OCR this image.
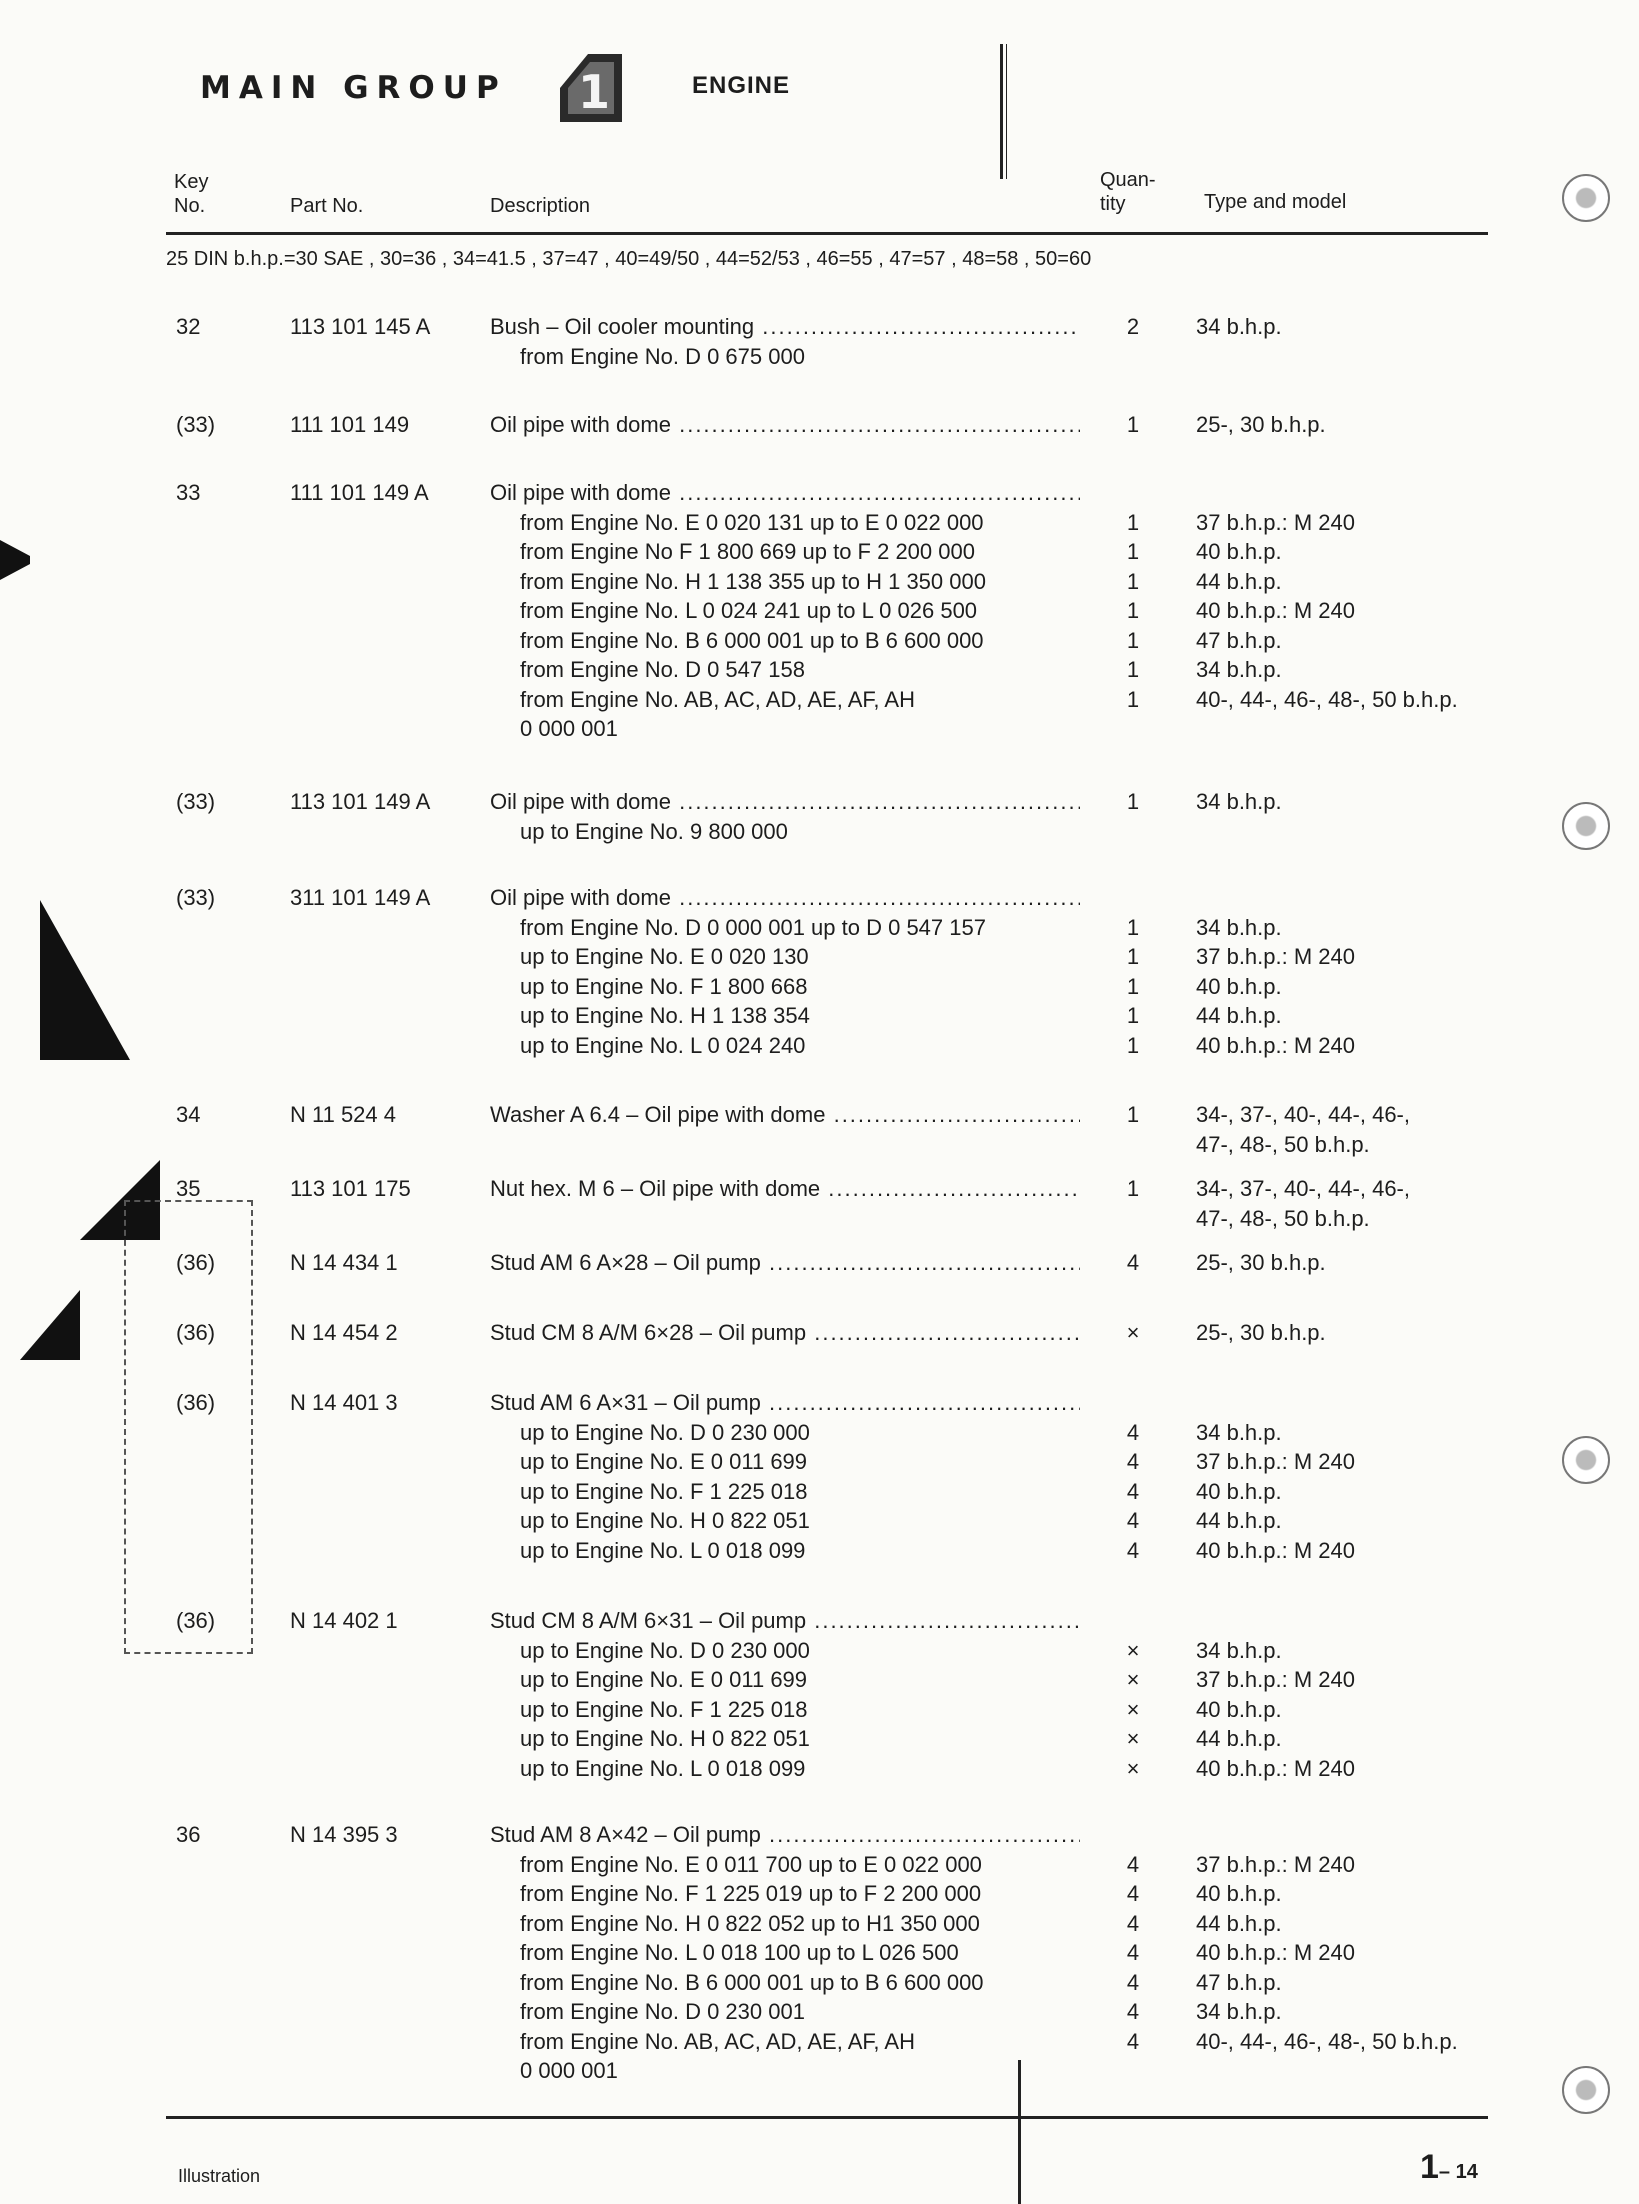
MAIN GROUP 1	ENGINE
Key
No.	Part No.	Description
Quan-
tity	Type and model
25 DIN b.h.p.=30 SAE , 30=36 , 34=41.5 , 37=47 , 40=49/50 , 44=52/53 , 46=55 , 47=57 , 48=58 , 50=60
32	113 101 145 A	Bush – Oil cooler mounting .....	2	34 b.h.p.
from Engine No. D 0 675 000
(33)	111 101 149	Oil pipe with dome .....	1	25-, 30 b.h.p.
33	111 101 149 A	Oil pipe with dome .....
from Engine No. E 0 020 131 up to E 0 022 000	1	37 b.h.p.: M 240
from Engine No F 1 800 669 up to F 2 200 000	1	40 b.h.p.
from Engine No. H 1 138 355 up to H 1 350 000	1	44 b.h.p.
from Engine No. L 0 024 241 up to L 0 026 500	1	40 b.h.p.: M 240
from Engine No. B 6 000 001 up to B 6 600 000	1	47 b.h.p.
from Engine No. D 0 547 158	1	34 b.h.p.
from Engine No. AB, AC, AD, AE, AF, AH	1	40-, 44-, 46-, 48-, 50 b.h.p.
0 000 001
(33)	113 101 149 A	Oil pipe with dome .....	1	34 b.h.p.
up to Engine No. 9 800 000
(33)	311 101 149 A	Oil pipe with dome .....
from Engine No. D 0 000 001 up to D 0 547 157	1	34 b.h.p.
up to Engine No. E 0 020 130	1	37 b.h.p.: M 240
up to Engine No. F 1 800 668	1	40 b.h.p.
up to Engine No. H 1 138 354	1	44 b.h.p.
up to Engine No. L 0 024 240	1	40 b.h.p.: M 240
34	N 11 524 4	Washer A 6.4 – Oil pipe with dome .....	1	34-, 37-, 40-, 44-, 46-,
47-, 48-, 50 b.h.p.
35	113 101 175	Nut hex. M 6 – Oil pipe with dome .....	1	34-, 37-, 40-, 44-, 46-,
47-, 48-, 50 b.h.p.
(36)	N 14 434 1	Stud AM 6 A×28 – Oil pump .....	4	25-, 30 b.h.p.
(36)	N 14 454 2	Stud CM 8 A/M 6×28 – Oil pump .....	×	25-, 30 b.h.p.
(36)	N 14 401 3	Stud AM 6 A×31 – Oil pump .....
up to Engine No. D 0 230 000	4	34 b.h.p.
up to Engine No. E 0 011 699	4	37 b.h.p.: M 240
up to Engine No. F 1 225 018	4	40 b.h.p.
up to Engine No. H 0 822 051	4	44 b.h.p.
up to Engine No. L 0 018 099	4	40 b.h.p.: M 240
(36)	N 14 402 1	Stud CM 8 A/M 6×31 – Oil pump .....
up to Engine No. D 0 230 000	×	34 b.h.p.
up to Engine No. E 0 011 699	×	37 b.h.p.: M 240
up to Engine No. F 1 225 018	×	40 b.h.p.
up to Engine No. H 0 822 051	×	44 b.h.p.
up to Engine No. L 0 018 099	×	40 b.h.p.: M 240
36	N 14 395 3	Stud AM 8 A×42 – Oil pump .....
from Engine No. E 0 011 700 up to E 0 022 000	4	37 b.h.p.: M 240
from Engine No. F 1 225 019 up to F 2 200 000	4	40 b.h.p.
from Engine No. H 0 822 052 up to H1 350 000	4	44 b.h.p.
from Engine No. L 0 018 100 up to L 026 500	4	40 b.h.p.: M 240
from Engine No. B 6 000 001 up to B 6 600 000	4	47 b.h.p.
from Engine No. D 0 230 001	4	34 b.h.p.
from Engine No. AB, AC, AD, AE, AF, AH	4	40-, 44-, 46-, 48-, 50 b.h.p.
0 000 001
Illustration	1– 14
